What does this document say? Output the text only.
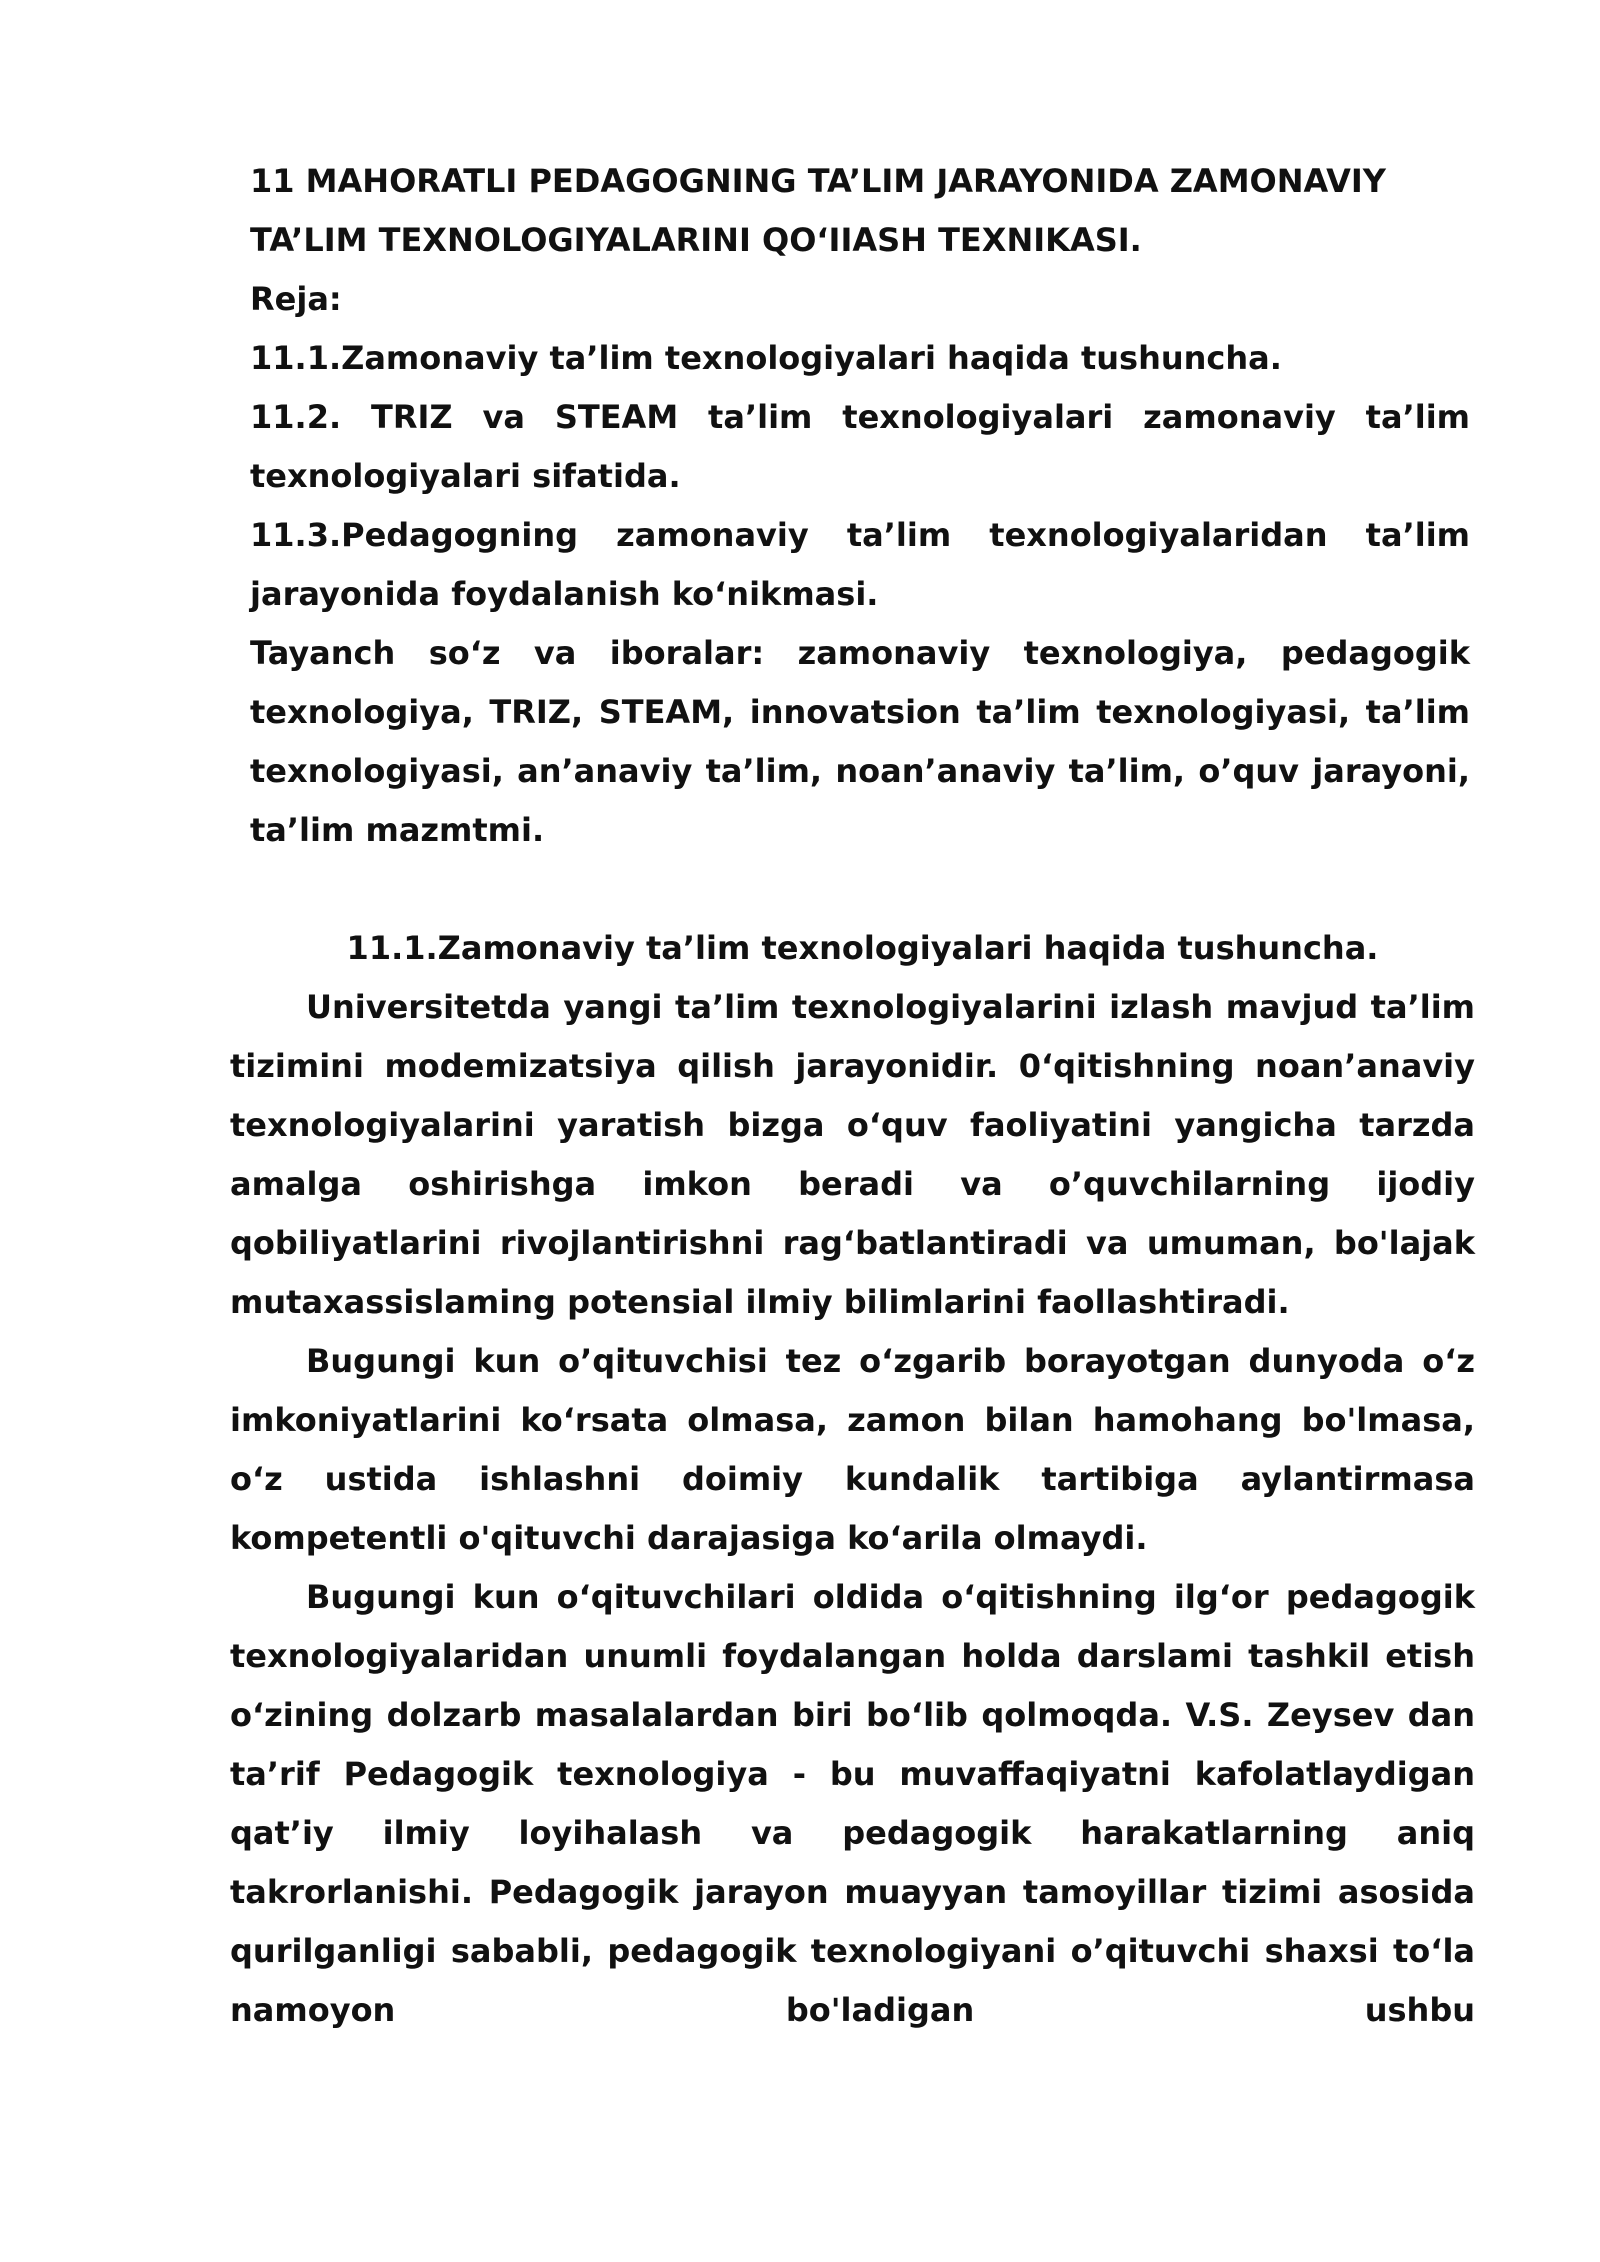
11 MAHORATLI PEDAGOGNING TA’LIM JARAYONIDA ZAMONAVIY

TA’LIM TEXNOLOGIYALARINI QO‘IIASH TEXNIKASI.

Reja:

11.1.Zamonaviy ta’lim texnologiyalari haqida tushuncha.

11.2. TRIZ va STEAM ta’lim texnologiyalari zamonaviy ta’lim texnologiyalari sifatida.

11.3.Pedagogning zamonaviy ta’lim texnologiyalaridan ta’lim jarayonida foydalanish ko‘nikmasi.

Tayanch so‘z va iboralar: zamonaviy texnologiya, pedagogik texnologiya, TRIZ, STEAM, innovatsion ta’lim texnologiyasi, ta’lim texnologiyasi, an’anaviy ta’lim, noan’anaviy ta’lim, o’quv jarayoni, ta’lim mazmtmi.

11.1.Zamonaviy ta’lim texnologiyalari haqida tushuncha.

Universitetda yangi ta’lim texnologiyalarini izlash mavjud ta’lim tizimini modemizatsiya qilish jarayonidir. 0‘qitishning noan’anaviy texnologiyalarini yaratish bizga o‘quv faoliyatini yangicha tarzda amalga oshirishga imkon beradi va o’quvchilarning ijodiy qobiliyatlarini rivojlantirishni rag‘batlantiradi va umuman, bo'lajak mutaxassislaming potensial ilmiy bilimlarini faollashtiradi.

Bugungi kun o’qituvchisi tez o‘zgarib borayotgan dunyoda o‘z imkoniyatlarini ko‘rsata olmasa, zamon bilan hamohang bo'lmasa, o‘z ustida ishlashni doimiy kundalik tartibiga aylantirmasa kompetentli o'qituvchi darajasiga ko‘arila olmaydi.

Bugungi kun o‘qituvchilari oldida o‘qitishning ilg‘or pedagogik texnologiyalaridan unumli foydalangan holda darslami tashkil etish o‘zining dolzarb masalalardan biri bo‘lib qolmoqda. V.S. Zeysev dan ta’rif Pedagogik texnologiya - bu muvaffaqiyatni kafolatlaydigan qat’iy ilmiy loyihalash va pedagogik harakatlarning aniq takrorlanishi. Pedagogik jarayon muayyan tamoyillar tizimi asosida qurilganligi sababli, pedagogik texnologiyani o’qituvchi shaxsi to‘la namoyon bo'ladigan ushbu
